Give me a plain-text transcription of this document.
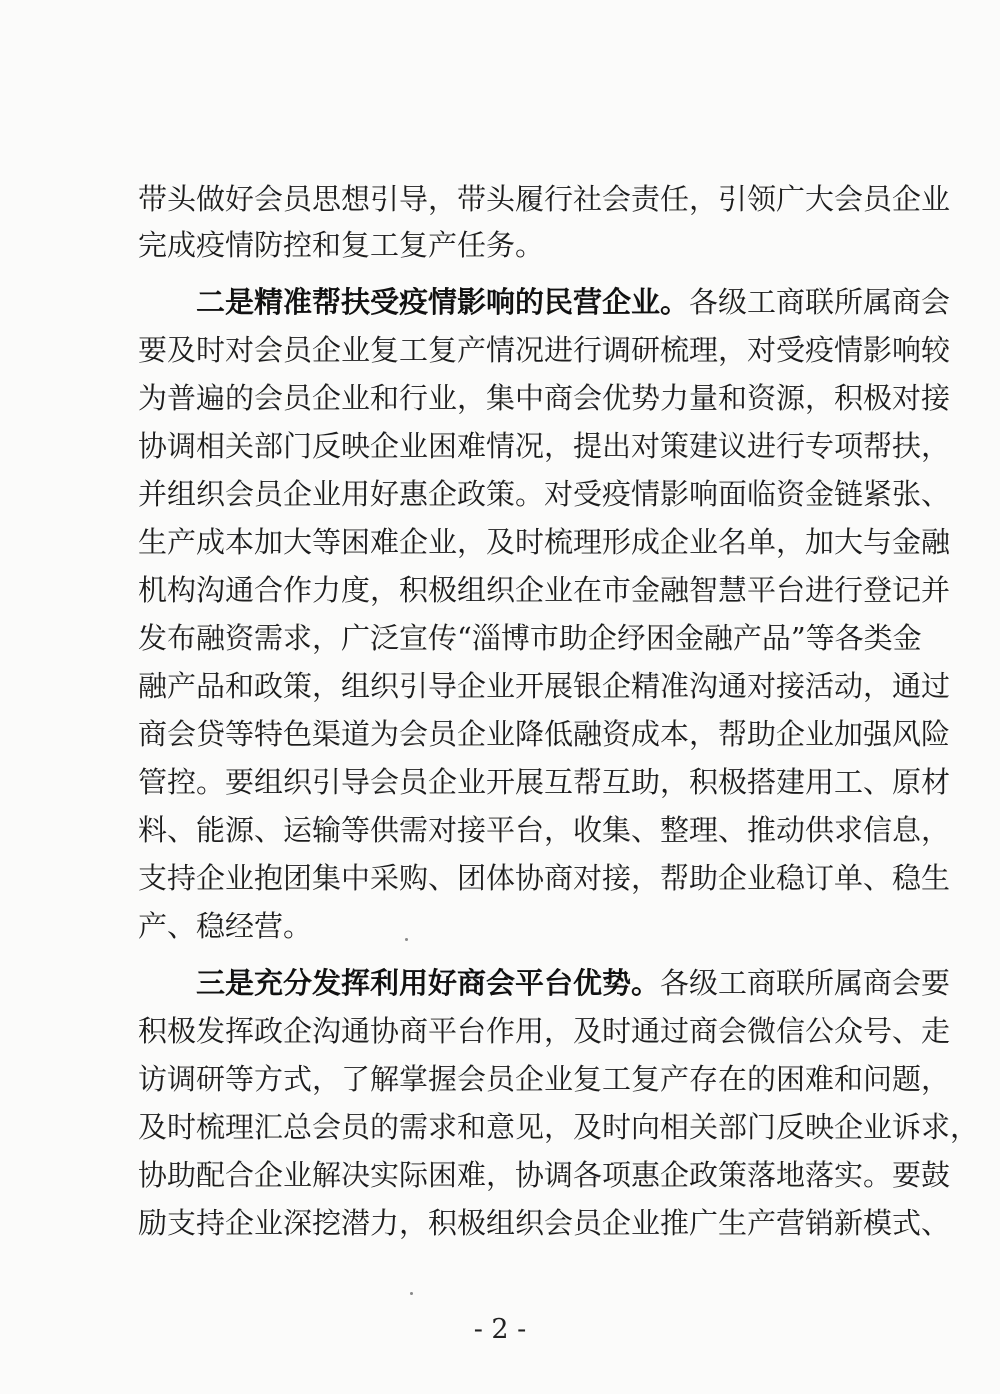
带头做好会员思想引导，带头履行社会责任，引领广大会员企业
完成疫情防控和复工复产任务。
二是精准帮扶受疫情影响的民营企业。各级工商联所属商会
要及时对会员企业复工复产情况进行调研梳理，对受疫情影响较
为普遍的会员企业和行业，集中商会优势力量和资源，积极对接
协调相关部门反映企业困难情况，提出对策建议进行专项帮扶，
并组织会员企业用好惠企政策。对受疫情影响面临资金链紧张、
生产成本加大等困难企业，及时梳理形成企业名单，加大与金融
机构沟通合作力度，积极组织企业在市金融智慧平台进行登记并
发布融资需求，广泛宣传“淄博市助企纾困金融产品”等各类金
融产品和政策，组织引导企业开展银企精准沟通对接活动，通过
商会贷等特色渠道为会员企业降低融资成本，帮助企业加强风险
管控。要组织引导会员企业开展互帮互助，积极搭建用工、原材
料、能源、运输等供需对接平台，收集、整理、推动供求信息，
支持企业抱团集中采购、团体协商对接，帮助企业稳订单、稳生
产、稳经营。
三是充分发挥利用好商会平台优势。各级工商联所属商会要
积极发挥政企沟通协商平台作用，及时通过商会微信公众号、走
访调研等方式，了解掌握会员企业复工复产存在的困难和问题，
及时梳理汇总会员的需求和意见，及时向相关部门反映企业诉求，
协助配合企业解决实际困难，协调各项惠企政策落地落实。要鼓
励支持企业深挖潜力，积极组织会员企业推广生产营销新模式、
- 2 -
